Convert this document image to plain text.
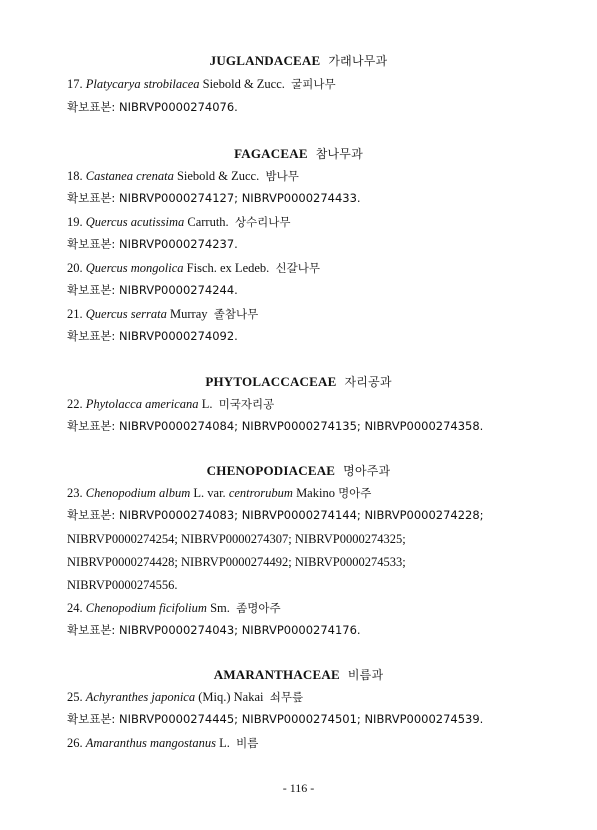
JUGLANDACEAE 가래나무과
17. Platycarya strobilacea Siebold & Zucc. 굴피나무
확보표본: NIBRVP0000274076.
FAGACEAE 참나무과
18. Castanea crenata Siebold & Zucc. 밤나무
확보표본: NIBRVP0000274127; NIBRVP0000274433.
19. Quercus acutissima Carruth. 상수리나무
확보표본: NIBRVP0000274237.
20. Quercus mongolica Fisch. ex Ledeb. 신갈나무
확보표본: NIBRVP0000274244.
21. Quercus serrata Murray 졸참나무
확보표본: NIBRVP0000274092.
PHYTOLACCACEAE 자리공과
22. Phytolacca americana L. 미국자리공
확보표본: NIBRVP0000274084; NIBRVP0000274135; NIBRVP0000274358.
CHENOPODIACEAE 명아주과
23. Chenopodium album L. var. centrorubum Makino 명아주
확보표본: NIBRVP0000274083; NIBRVP0000274144; NIBRVP0000274228;
NIBRVP0000274254; NIBRVP0000274307; NIBRVP0000274325;
NIBRVP0000274428; NIBRVP0000274492; NIBRVP0000274533;
NIBRVP0000274556.
24. Chenopodium ficifolium Sm. 좀명아주
확보표본: NIBRVP0000274043; NIBRVP0000274176.
AMARANTHACEAE 비름과
25. Achyranthes japonica (Miq.) Nakai 쇠무릎
확보표본: NIBRVP0000274445; NIBRVP0000274501; NIBRVP0000274539.
26. Amaranthus mangostanus L. 비름
- 116 -
